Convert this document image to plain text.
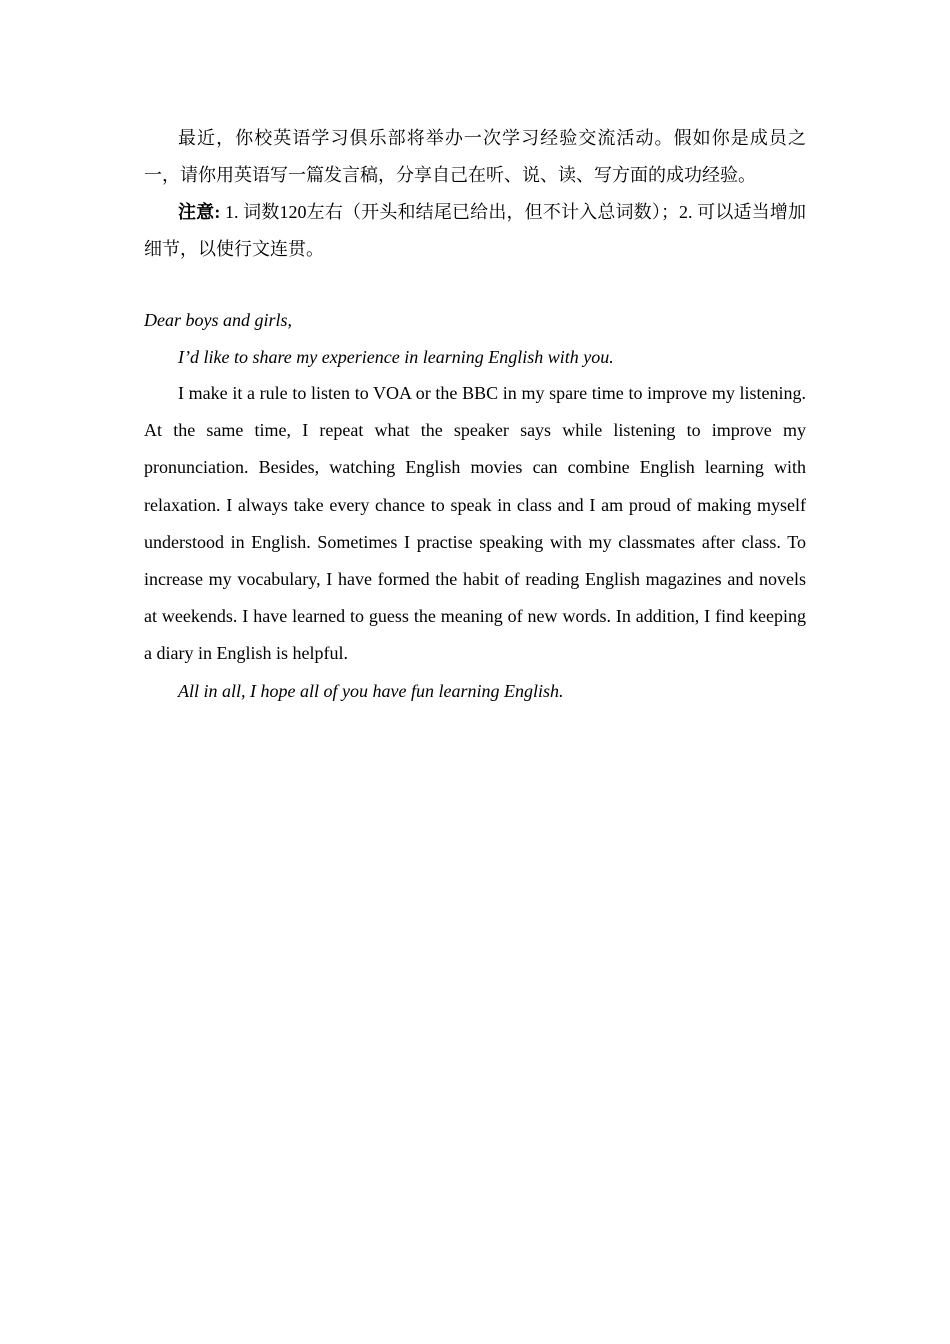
最近，你校英语学习俱乐部将举办一次学习经验交流活动。假如你是成员之一，请你用英语写一篇发言稿，分享自己在听、说、读、写方面的成功经验。

注意: 1. 词数120左右（开头和结尾已给出，但不计入总词数）；2. 可以适当增加细节，以使行文连贯。

Dear boys and girls,

I’d like to share my experience in learning English with you.

I make it a rule to listen to VOA or the BBC in my spare time to improve my listening. At the same time, I repeat what the speaker says while listening to improve my pronunciation. Besides, watching English movies can combine English learning with relaxation. I always take every chance to speak in class and I am proud of making myself understood in English. Sometimes I practise speaking with my classmates after class. To increase my vocabulary, I have formed the habit of reading English magazines and novels at weekends. I have learned to guess the meaning of new words. In addition, I find keeping a diary in English is helpful.

All in all, I hope all of you have fun learning English.
